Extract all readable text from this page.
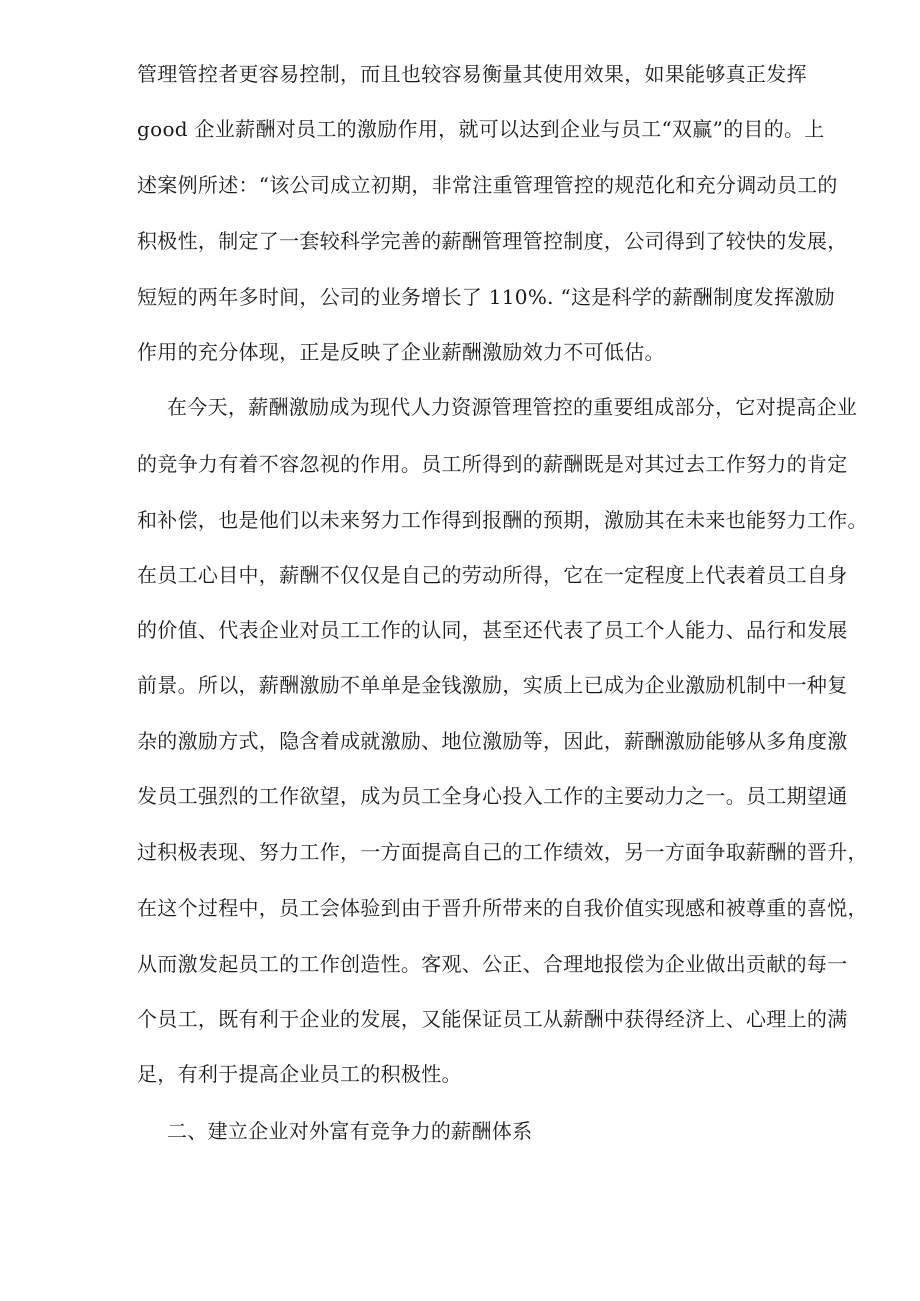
管理管控者更容易控制，而且也较容易衡量其使用效果，如果能够真正发挥
good 企业薪酬对员工的激励作用，就可以达到企业与员工“双赢”的目的。上
述案例所述：“该公司成立初期，非常注重管理管控的规范化和充分调动员工的
积极性，制定了一套较科学完善的薪酬管理管控制度，公司得到了较快的发展，
短短的两年多时间，公司的业务增长了 110%. “这是科学的薪酬制度发挥激励
作用的充分体现，正是反映了企业薪酬激励效力不可低估。
在今天，薪酬激励成为现代人力资源管理管控的重要组成部分，它对提高企业
的竞争力有着不容忽视的作用。员工所得到的薪酬既是对其过去工作努力的肯定
和补偿，也是他们以未来努力工作得到报酬的预期，激励其在未来也能努力工作。
在员工心目中，薪酬不仅仅是自己的劳动所得，它在一定程度上代表着员工自身
的价值、代表企业对员工工作的认同，甚至还代表了员工个人能力、品行和发展
前景。所以，薪酬激励不单单是金钱激励，实质上已成为企业激励机制中一种复
杂的激励方式，隐含着成就激励、地位激励等，因此，薪酬激励能够从多角度激
发员工强烈的工作欲望，成为员工全身心投入工作的主要动力之一。员工期望通
过积极表现、努力工作，一方面提高自己的工作绩效，另一方面争取薪酬的晋升，
在这个过程中，员工会体验到由于晋升所带来的自我价值实现感和被尊重的喜悦，
从而激发起员工的工作创造性。客观、公正、合理地报偿为企业做出贡献的每一
个员工，既有利于企业的发展，又能保证员工从薪酬中获得经济上、心理上的满
足，有利于提高企业员工的积极性。
二、建立企业对外富有竞争力的薪酬体系
